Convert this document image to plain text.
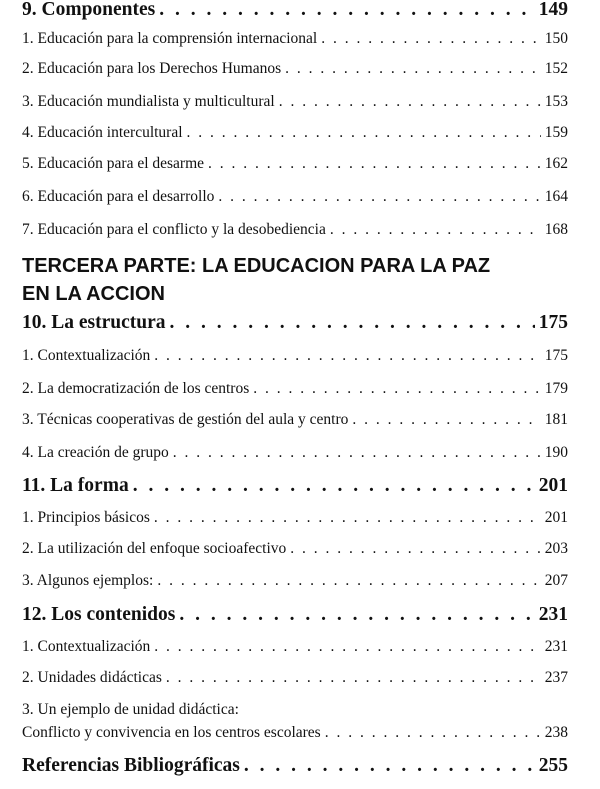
9. Componentes . . .	149
1. Educación para la comprensión internacional . . .	150
2. Educación para los Derechos Humanos . . .	152
3. Educación mundialista y multicultural . . .	153
4. Educación intercultural . . .	159
5. Educación para el desarme . . .	162
6. Educación para el desarrollo . . .	164
7. Educación para el conflicto y la desobediencia . . .	168
10. La estructura . . .	175
1. Contextualización . . .	175
2. La democratización de los centros . . .	179
3. Técnicas cooperativas de gestión del aula y centro . . .	181
4. La creación de grupo . . .	190
11. La forma . . .	201
1. Principios básicos . . .	201
2. La utilización del enfoque socioafectivo . . .	203
3. Algunos ejemplos: . . .	207
12. Los contenidos . . .	231
1. Contextualización . . .	231
2. Unidades didácticas . . .	237
3. Un ejemplo de unidad didáctica:
Conflicto y convivencia en los centros escolares . . .	238
TERCERA PARTE: LA EDUCACION PARA LA PAZ
EN LA ACCION
Referencias Bibliográficas . . .	255
